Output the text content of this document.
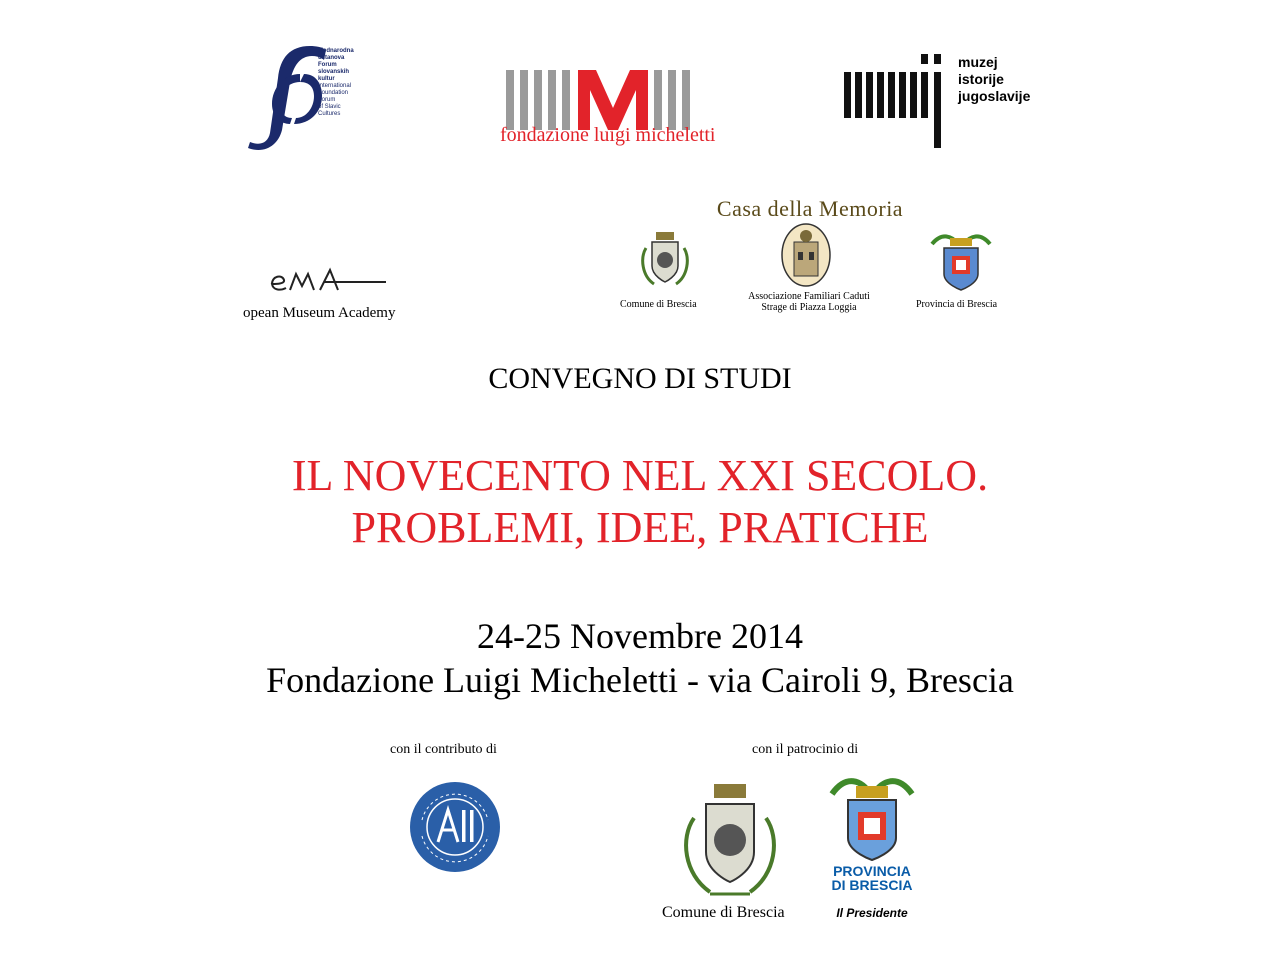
Mednarodna
ustanova
Forum
slovanskih
kultur
International
Foundation
Forum
of Slavic
Cultures
fondazione luigi micheletti
muzej
istorije
jugoslavije
opean Museum Academy
Casa della Memoria
Comune di Brescia
Associazione Familiari Caduti
Strage di Piazza Loggia	Provincia di Brescia
CONVEGNO DI STUDI
IL NOVECENTO NEL XXI SECOLO.
PROBLEMI, IDEE, PRATICHE
24-25 Novembre 2014
Fondazione Luigi Micheletti - via Cairoli 9, Brescia
con il contributo di	con il patrocinio di
Comune di Brescia
PROVINCIA
DI BRESCIA
Il Presidente
